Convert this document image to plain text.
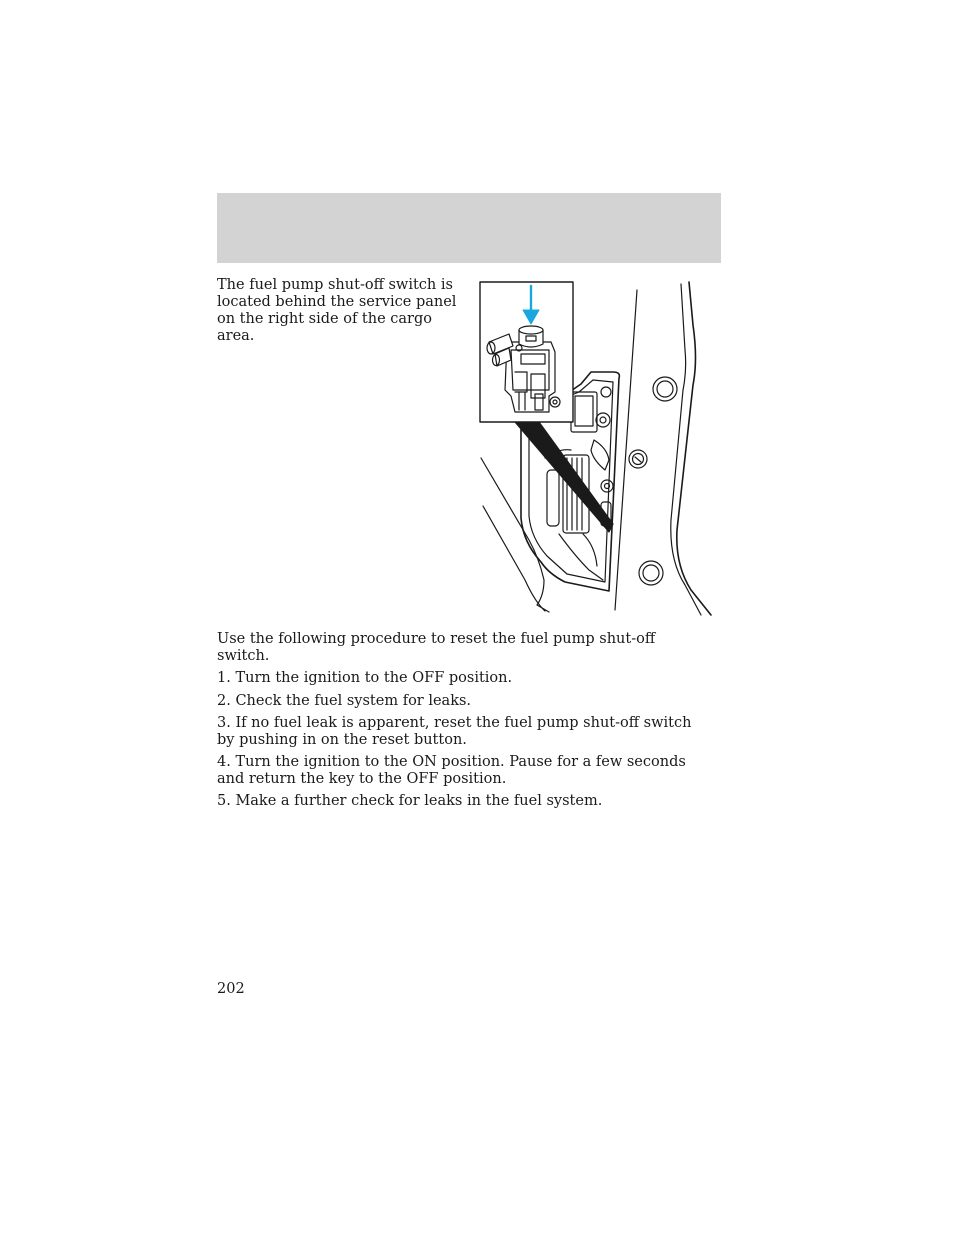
The fuel pump shut-off switch is located behind the service panel on the right side of the cargo area.

Use the following procedure to reset the fuel pump shut-off switch.

1. Turn the ignition to the OFF position.

2. Check the fuel system for leaks.

3. If no fuel leak is apparent, reset the fuel pump shut-off switch by pushing in on the reset button.

4. Turn the ignition to the ON position. Pause for a few seconds and return the key to the OFF position.

5. Make a further check for leaks in the fuel system.

202
